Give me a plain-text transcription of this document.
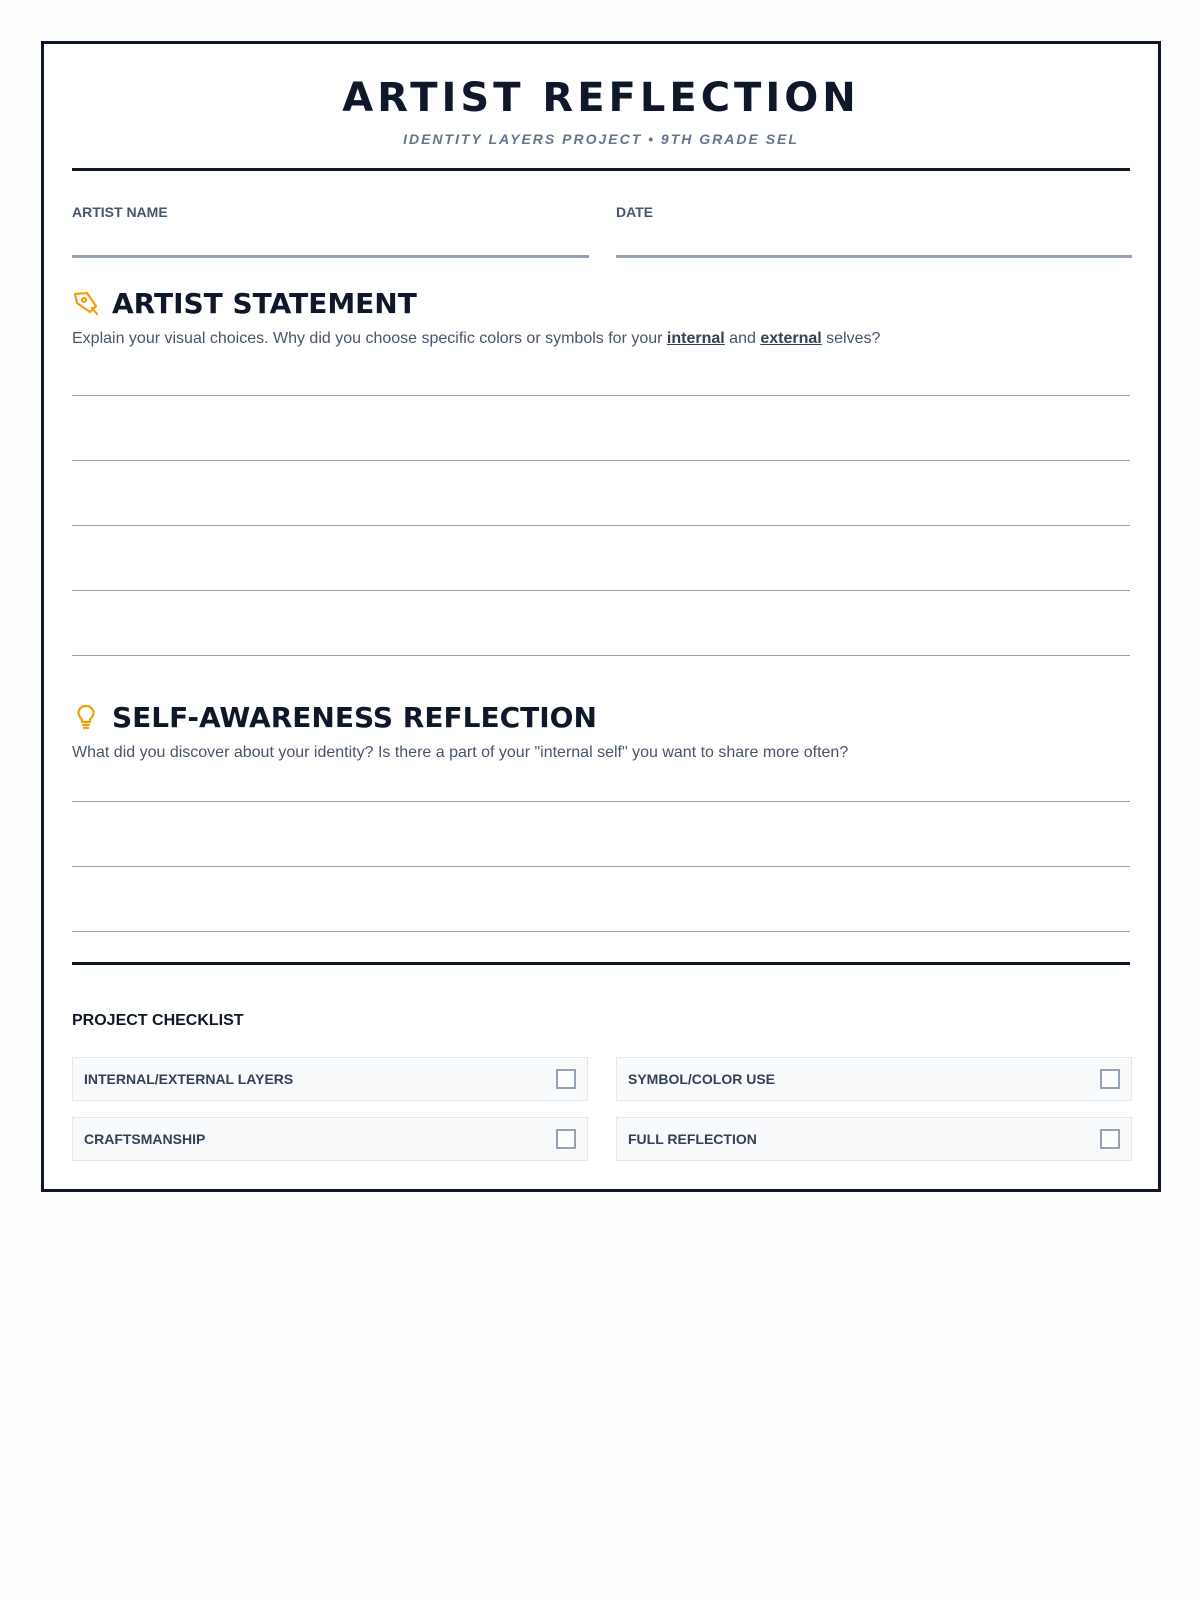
ARTIST REFLECTION
IDENTITY LAYERS PROJECT • 9TH GRADE SEL
ARTIST NAME	DATE
ARTIST STATEMENT
Explain your visual choices. Why did you choose specific colors or symbols for your internal and external selves?
SELF-AWARENESS REFLECTION
What did you discover about your identity? Is there a part of your "internal self" you want to share more often?
PROJECT CHECKLIST
INTERNAL/EXTERNAL LAYERS	SYMBOL/COLOR USE
CRAFTSMANSHIP	FULL REFLECTION
